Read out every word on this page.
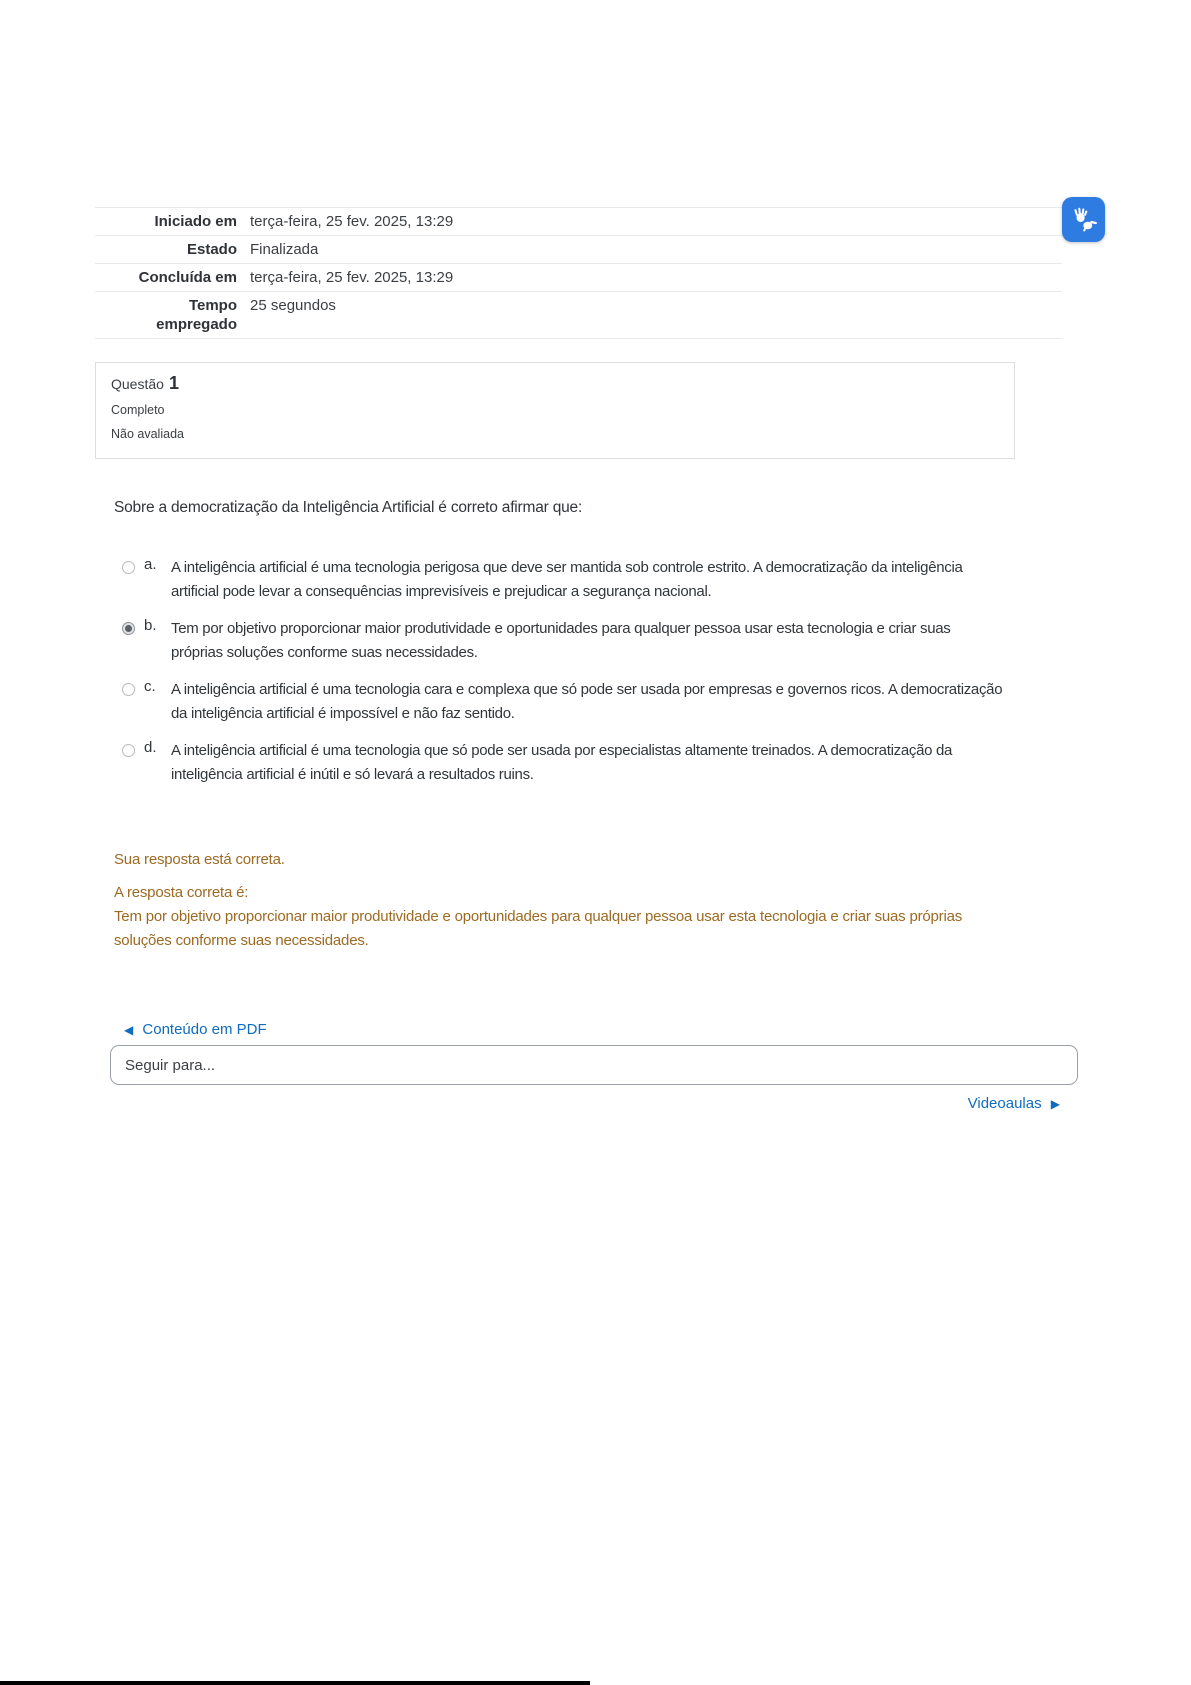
Iniciado em terça-feira, 25 fev. 2025, 13:29
Estado Finalizada
Concluída em terça-feira, 25 fev. 2025, 13:29
Tempo empregado
25 segundos
Questão 1
Completo
Não avaliada
Sobre a democratização da Inteligência Artificial é correto afirmar que:
a. A inteligência artificial é uma tecnologia perigosa que deve ser mantida sob controle estrito. A democratização da inteligência artificial pode levar a consequências imprevisíveis e prejudicar a segurança nacional.
b. Tem por objetivo proporcionar maior produtividade e oportunidades para qualquer pessoa usar esta tecnologia e criar suas próprias soluções conforme suas necessidades.
c.	A inteligência artificial é uma tecnologia cara e complexa que só pode ser usada por empresas e governos ricos. A democratização da inteligência artificial é impossível e não faz sentido.
d. A inteligência artificial é uma tecnologia que só pode ser usada por especialistas altamente treinados. A democratização da inteligência artificial é inútil e só levará a resultados ruins.
Sua resposta está correta.
A resposta correta é:
Tem por objetivo proporcionar maior produtividade e oportunidades para qualquer pessoa usar esta tecnologia e criar suas próprias soluções conforme suas necessidades.
◀ Conteúdo em PDF
Seguir para...
Videoaulas ▶
